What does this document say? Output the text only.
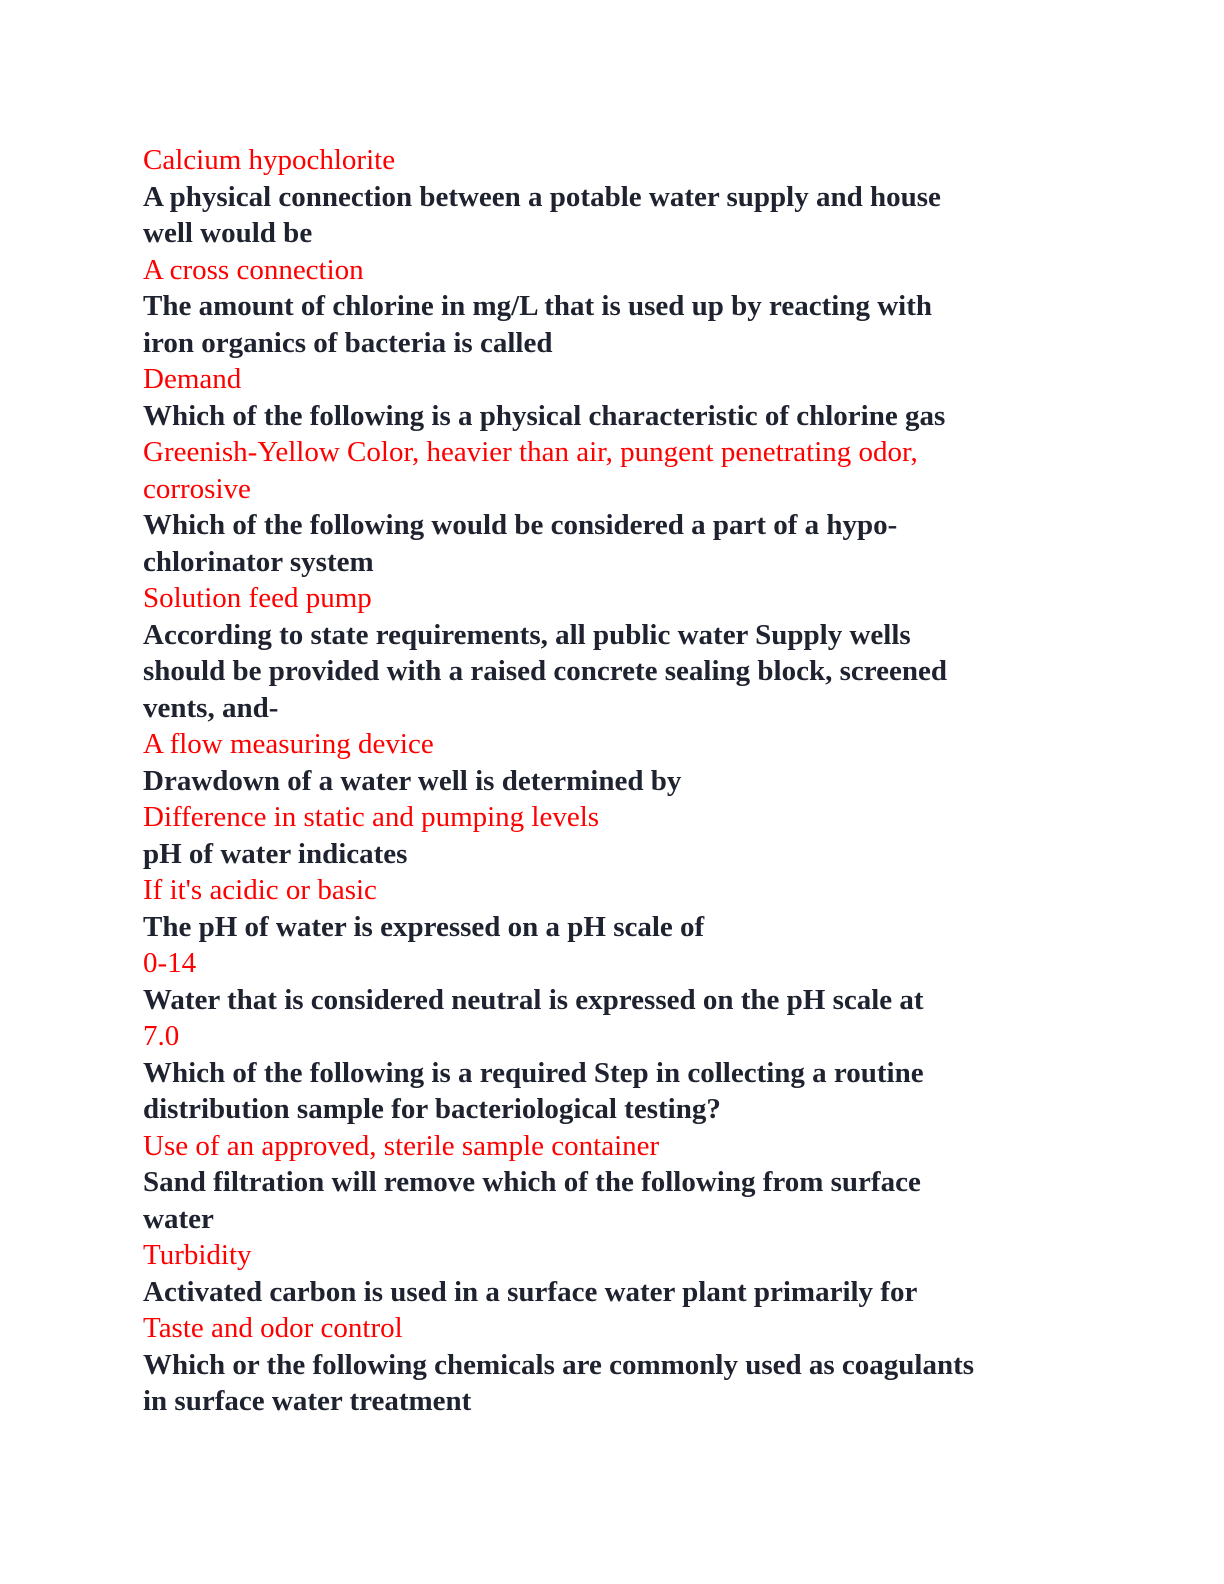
Calcium hypochlorite
A physical connection between a potable water supply and house
well would be
A cross connection
The amount of chlorine in mg/L that is used up by reacting with
iron organics of bacteria is called
Demand
Which of the following is a physical characteristic of chlorine gas
Greenish-Yellow Color, heavier than air, pungent penetrating odor,
corrosive
Which of the following would be considered a part of a hypo-
chlorinator system
Solution feed pump
According to state requirements, all public water Supply wells
should be provided with a raised concrete sealing block, screened
vents, and-
A flow measuring device
Drawdown of a water well is determined by
Difference in static and pumping levels
pH of water indicates
If it's acidic or basic
The pH of water is expressed on a pH scale of
0-14
Water that is considered neutral is expressed on the pH scale at
7.0
Which of the following is a required Step in collecting a routine
distribution sample for bacteriological testing?
Use of an approved, sterile sample container
Sand filtration will remove which of the following from surface
water
Turbidity
Activated carbon is used in a surface water plant primarily for
Taste and odor control
Which or the following chemicals are commonly used as coagulants
in surface water treatment
